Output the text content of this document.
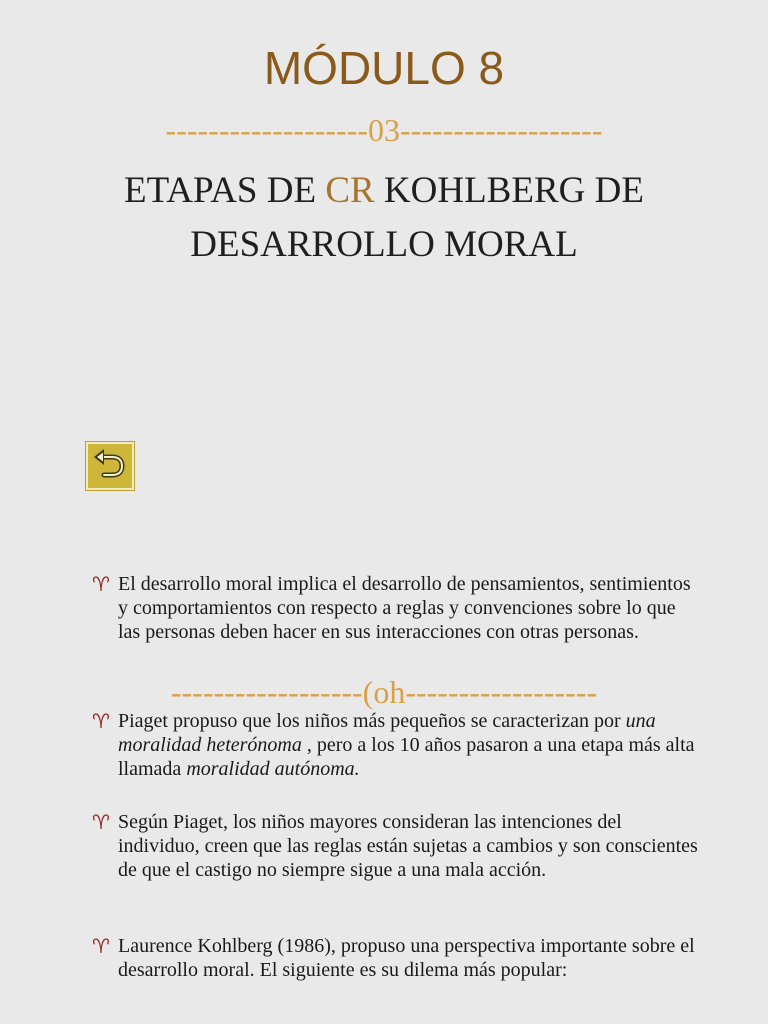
MÓDULO 8
-------------------03-------------------
ETAPAS DE CR KOHLBERG DE
DESARROLLO MORAL
♈ El desarrollo moral implica el desarrollo de pensamientos, sentimientos y comportamientos con respecto a reglas y convenciones sobre lo que las personas deben hacer en sus interacciones con otras personas.
------------------(oh------------------
♈ Piaget propuso que los niños más pequeños se caracterizan por una moralidad heterónoma , pero a los 10 años pasaron a una etapa más alta llamada moralidad autónoma.
♈ Según Piaget, los niños mayores consideran las intenciones del individuo, creen que las reglas están sujetas a cambios y son conscientes de que el castigo no siempre sigue a una mala acción.
♈ Laurence Kohlberg (1986), propuso una perspectiva importante sobre el desarrollo moral. El siguiente es su dilema más popular:
